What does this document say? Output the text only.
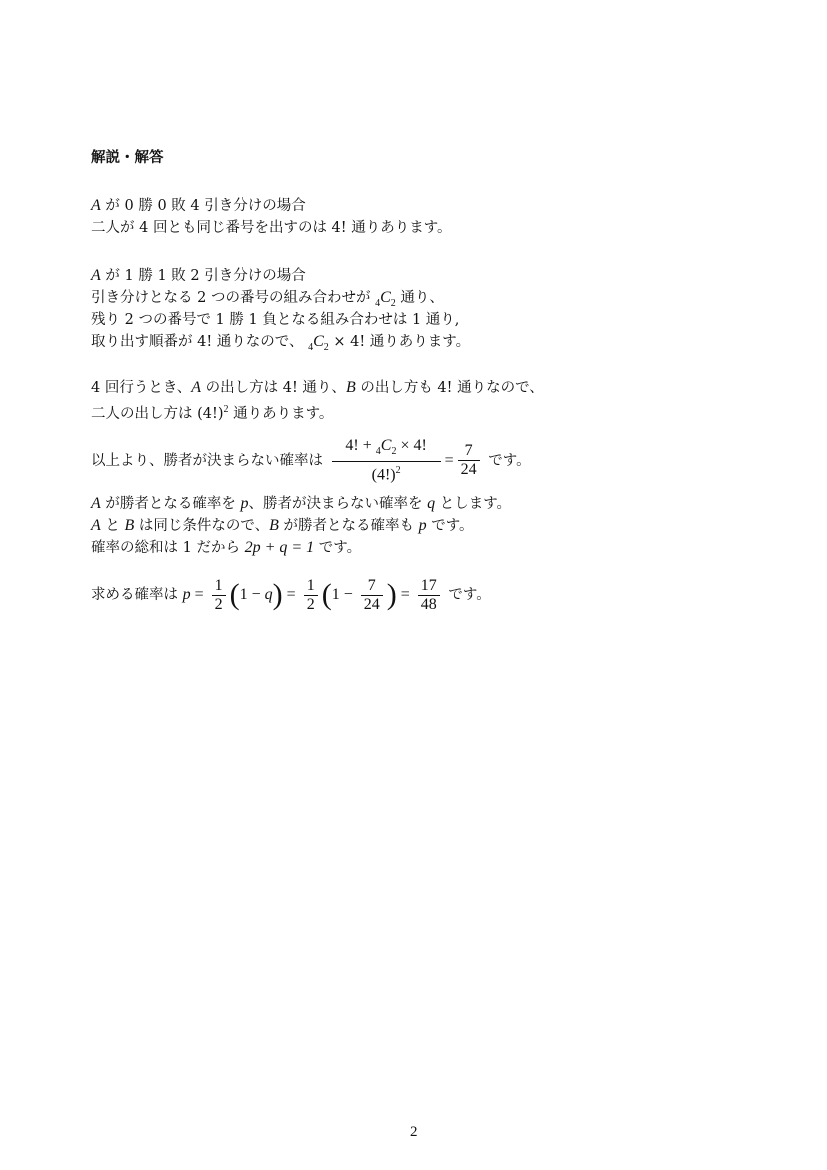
解説・解答
A が 0 勝 0 敗 4 引き分けの場合
二人が 4 回とも同じ番号を出すのは 4! 通りあります。
A が 1 勝 1 敗 2 引き分けの場合
引き分けとなる 2 つの番号の組み合わせが $_4C_2$ 通り、
残り 2 つの番号で 1 勝 1 負となる組み合わせは 1 通り,
取り出す順番が 4! 通りなので、 $_4C_2 \times 4$! 通りあります。
4 回行うとき、A の出し方は 4! 通り、B の出し方も 4! 通りなので、
二人の出し方は $(4!)^2$ 通りあります。
以上より、勝者が決まらない確率は $\frac{4! + _4C_2 \times 4!}{(4!)^2} = \frac{7}{24}$ です。
A が勝者となる確率を p、勝者が決まらない確率を q とします。
A と B は同じ条件なので、B が勝者となる確率も p です。
確率の総和は 1 だから 2p + q = 1 です。
求める確率は $p = \frac{1}{2} (1 - q) = \frac{1}{2} (1 - \frac{7}{24}$ ) = $\frac{17}{48}$ です。
2
